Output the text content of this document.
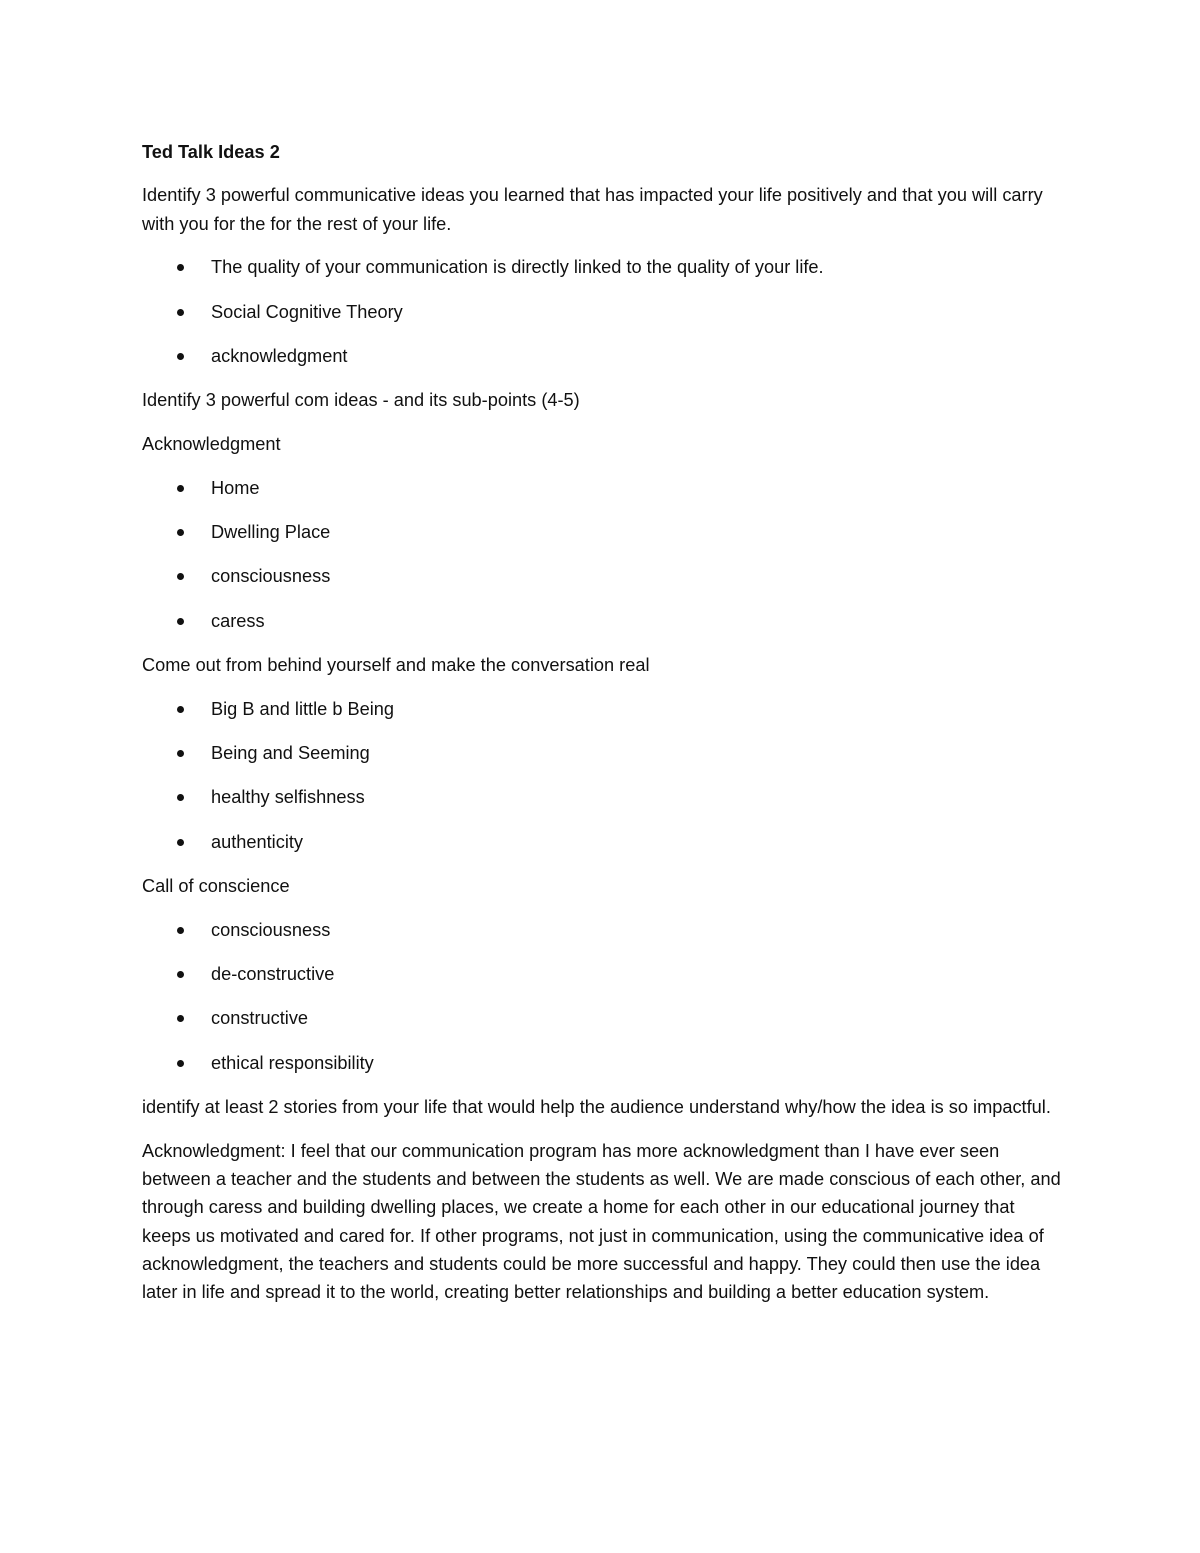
Ted Talk Ideas 2

Identify 3 powerful communicative ideas you learned that has impacted your life positively and that you will carry with you for the for the rest of your life.

The quality of your communication is directly linked to the quality of your life.
Social Cognitive Theory
acknowledgment

Identify 3 powerful com ideas - and its sub-points (4-5)

Acknowledgment

Home
Dwelling Place
consciousness
caress

Come out from behind yourself and make the conversation real

Big B and little b Being
Being and Seeming
healthy selfishness
authenticity

Call of conscience

consciousness
de-constructive
constructive
ethical responsibility

identify at least 2 stories from your life that would help the audience understand why/how the idea is so impactful.

Acknowledgment: I feel that our communication program has more acknowledgment than I have ever seen between a teacher and the students and between the students as well. We are made conscious of each other, and through caress and building dwelling places, we create a home for each other in our educational journey that keeps us motivated and cared for. If other programs, not just in communication, using the communicative idea of acknowledgment, the teachers and students could be more successful and happy. They could then use the idea later in life and spread it to the world, creating better relationships and building a better education system.
